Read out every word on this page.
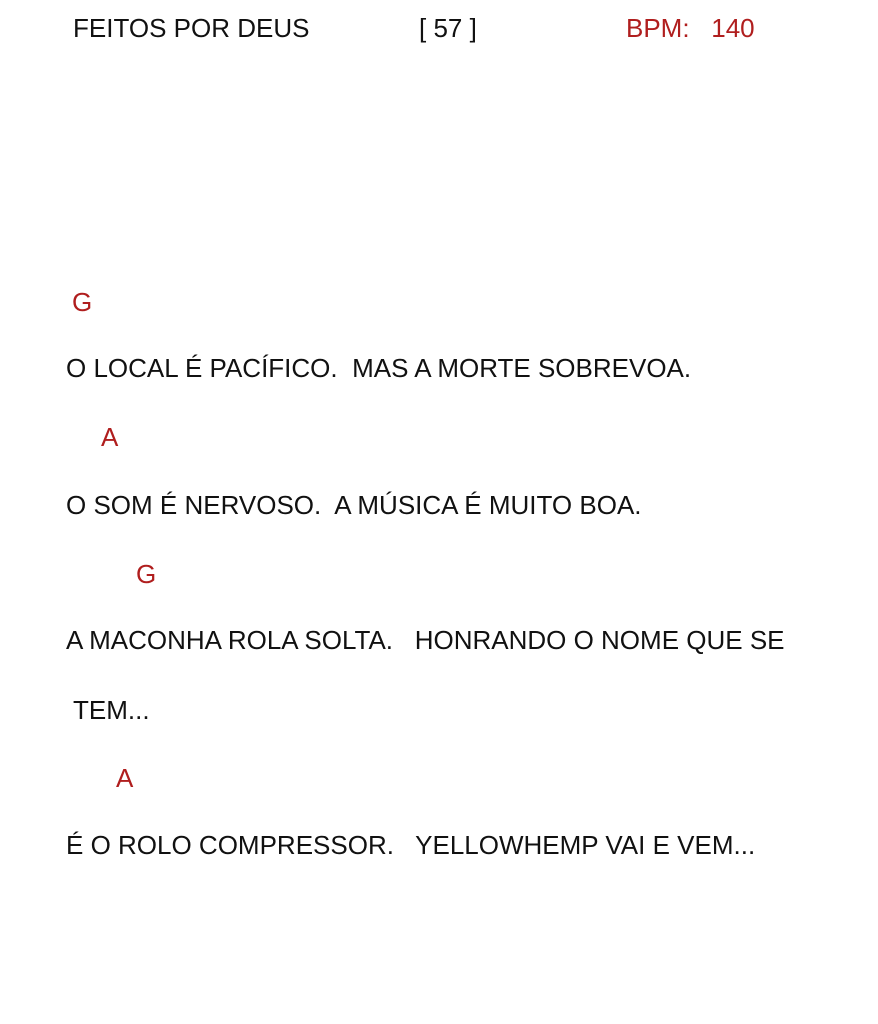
FEITOS POR DEUS	[ 57 ]	BPM: 140
G
O LOCAL É PACÍFICO.  MAS A MORTE SOBREVOA.
A
O SOM É NERVOSO.  A MÚSICA É MUITO BOA.
G
A MACONHA ROLA SOLTA.   HONRANDO O NOME QUE SE
TEM...
A
É O ROLO COMPRESSOR.   YELLOWHEMP VAI E VEM...
